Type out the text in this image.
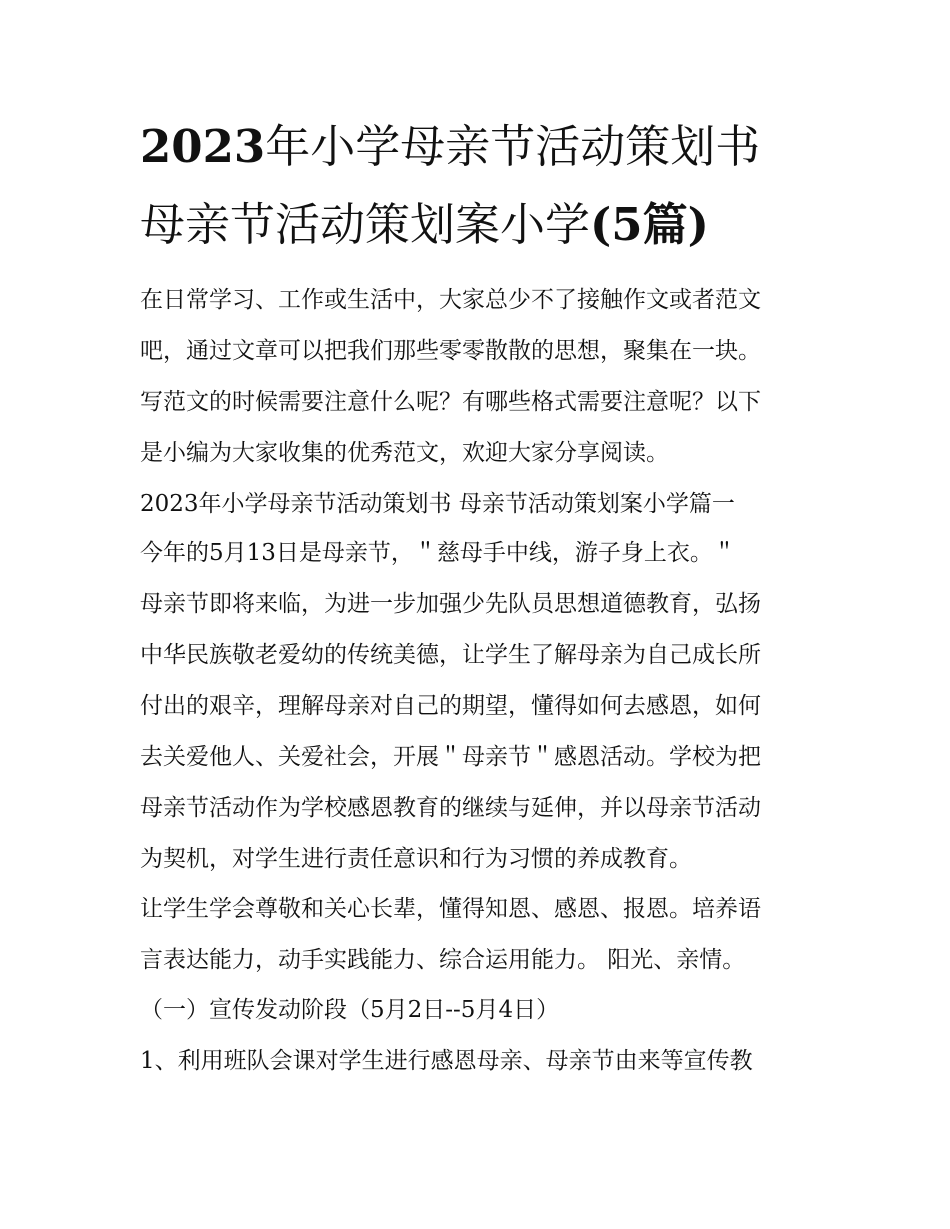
2023年小学母亲节活动策划书
母亲节活动策划案小学(5篇)

在日常学习、工作或生活中，大家总少不了接触作文或者范文

吧，通过文章可以把我们那些零零散散的思想，聚集在一块。

写范文的时候需要注意什么呢？有哪些格式需要注意呢？以下

是小编为大家收集的优秀范文，欢迎大家分享阅读。

2023年小学母亲节活动策划书 母亲节活动策划案小学篇一

今年的5月13日是母亲节，＂慈母手中线，游子身上衣。＂

母亲节即将来临，为进一步加强少先队员思想道德教育，弘扬

中华民族敬老爱幼的传统美德，让学生了解母亲为自己成长所

付出的艰辛，理解母亲对自己的期望，懂得如何去感恩，如何

去关爱他人、关爱社会，开展＂母亲节＂感恩活动。学校为把

母亲节活动作为学校感恩教育的继续与延伸，并以母亲节活动

为契机，对学生进行责任意识和行为习惯的养成教育。

让学生学会尊敬和关心长辈，懂得知恩、感恩、报恩。培养语

言表达能力，动手实践能力、综合运用能力。 阳光、亲情。

（一）宣传发动阶段（5月2日--5月4日）

1、利用班队会课对学生进行感恩母亲、母亲节由来等宣传教
